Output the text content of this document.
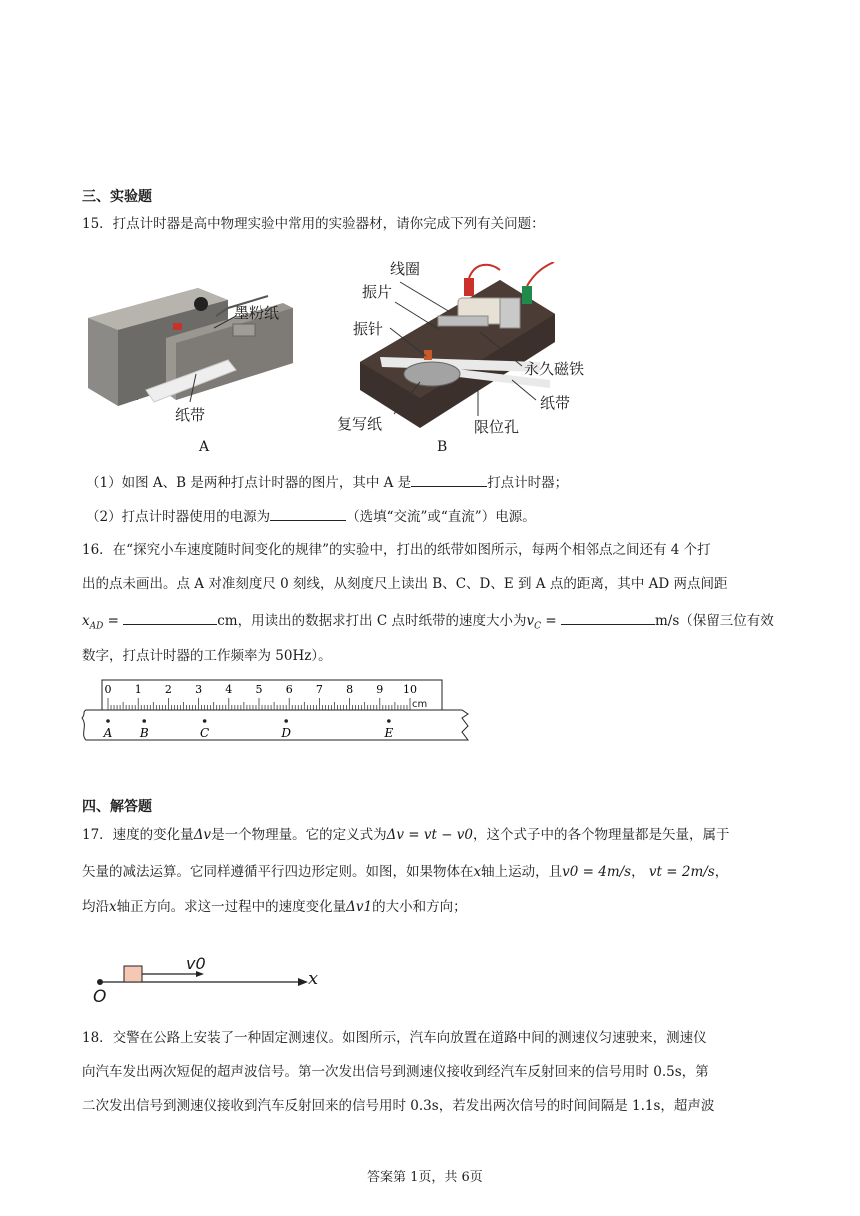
三、实验题
15．打点计时器是高中物理实验中常用的实验器材，请你完成下列有关问题：
墨粉纸
纸带
A
线圈
振片
振针
永久磁铁
纸带
复写纸	限位孔
B
（1）如图 A、B 是两种打点计时器的图片，其中 A 是	打点计时器；
（2）打点计时器使用的电源为	（选填“交流”或“直流”）电源。
16．在“探究小车速度随时间变化的规律”的实验中，打出的纸带如图所示，每两个相邻点之间还有 4 个打
出的点未画出。点 A 对准刻度尺 0 刻线，从刻度尺上读出 B、C、D、E 到 A 点的距离，其中 AD 两点间距
$x_{AD}$ =	cm，用读出的数据求打出 C 点时纸带的速度大小为$v_C$ =	m/s（保留三位有效
数字，打点计时器的工作频率为 50Hz）。
0 1 2 3 4 5 6 7 8 9 10
A B	C	D	E
cm
四、解答题
17．速度的变化量Δv是一个物理量。它的定义式为Δv = vt − v0，这个式子中的各个物理量都是矢量，属于
矢量的减法运算。它同样遵循平行四边形定则。如图，如果物体在x轴上运动，且v0 = 4m/s， vt = 2m/s，
均沿x轴正方向。求这一过程中的速度变化量Δv1的大小和方向；
O
v0
x
18．交警在公路上安装了一种固定测速仪。如图所示，汽车向放置在道路中间的测速仪匀速驶来，测速仪
向汽车发出两次短促的超声波信号。第一次发出信号到测速仪接收到经汽车反射回来的信号用时 0.5s，第
二次发出信号到测速仪接收到汽车反射回来的信号用时 0.3s，若发出两次信号的时间间隔是 1.1s，超声波
答案第 1页，共 6页
